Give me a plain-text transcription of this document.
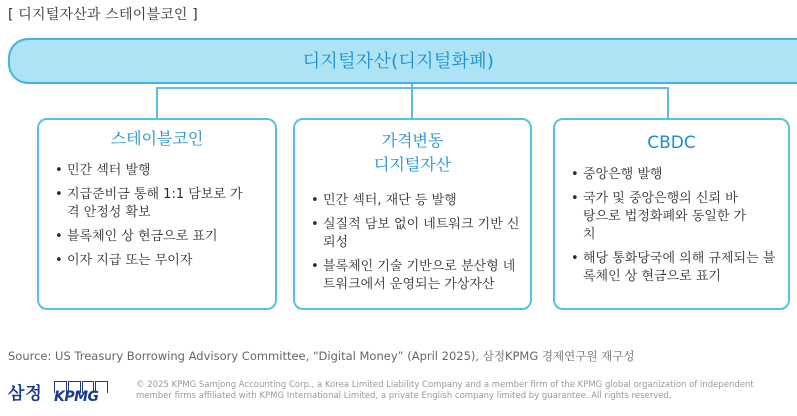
[ 디지털자산과 스테이블코인 ]
디지털자산(디지털화폐)
스테이블코인
• 민간 섹터 발행
• 지급준비금 통해 1:1 담보로 가격 안정성 확보
• 블록체인 상 현금으로 표기
• 이자 지급 또는 무이자
가격변동
디지털자산
• 민간 섹터, 재단 등 발행
• 실질적 담보 없이 네트워크 기반 신뢰성
• 블록체인 기술 기반으로 분산형 네트워크에서 운영되는 가상자산
CBDC
• 중앙은행 발행
• 국가 및 중앙은행의 신뢰 바탕으로 법정화폐와 동일한 가치
• 해당 통화당국에 의해 규제되는 블록체인 상 현금으로 표기
Source: US Treasury Borrowing Advisory Committee, “Digital Money” (April 2025), 삼정KPMG 경제연구원 재구성
삼정 KPMG
© 2025 KPMG Samjong Accounting Corp., a Korea Limited Liability Company and a member firm of the KPMG global organization of independent member firms affiliated with KPMG International Limited, a private English company limited by guarantee. All rights reserved.
